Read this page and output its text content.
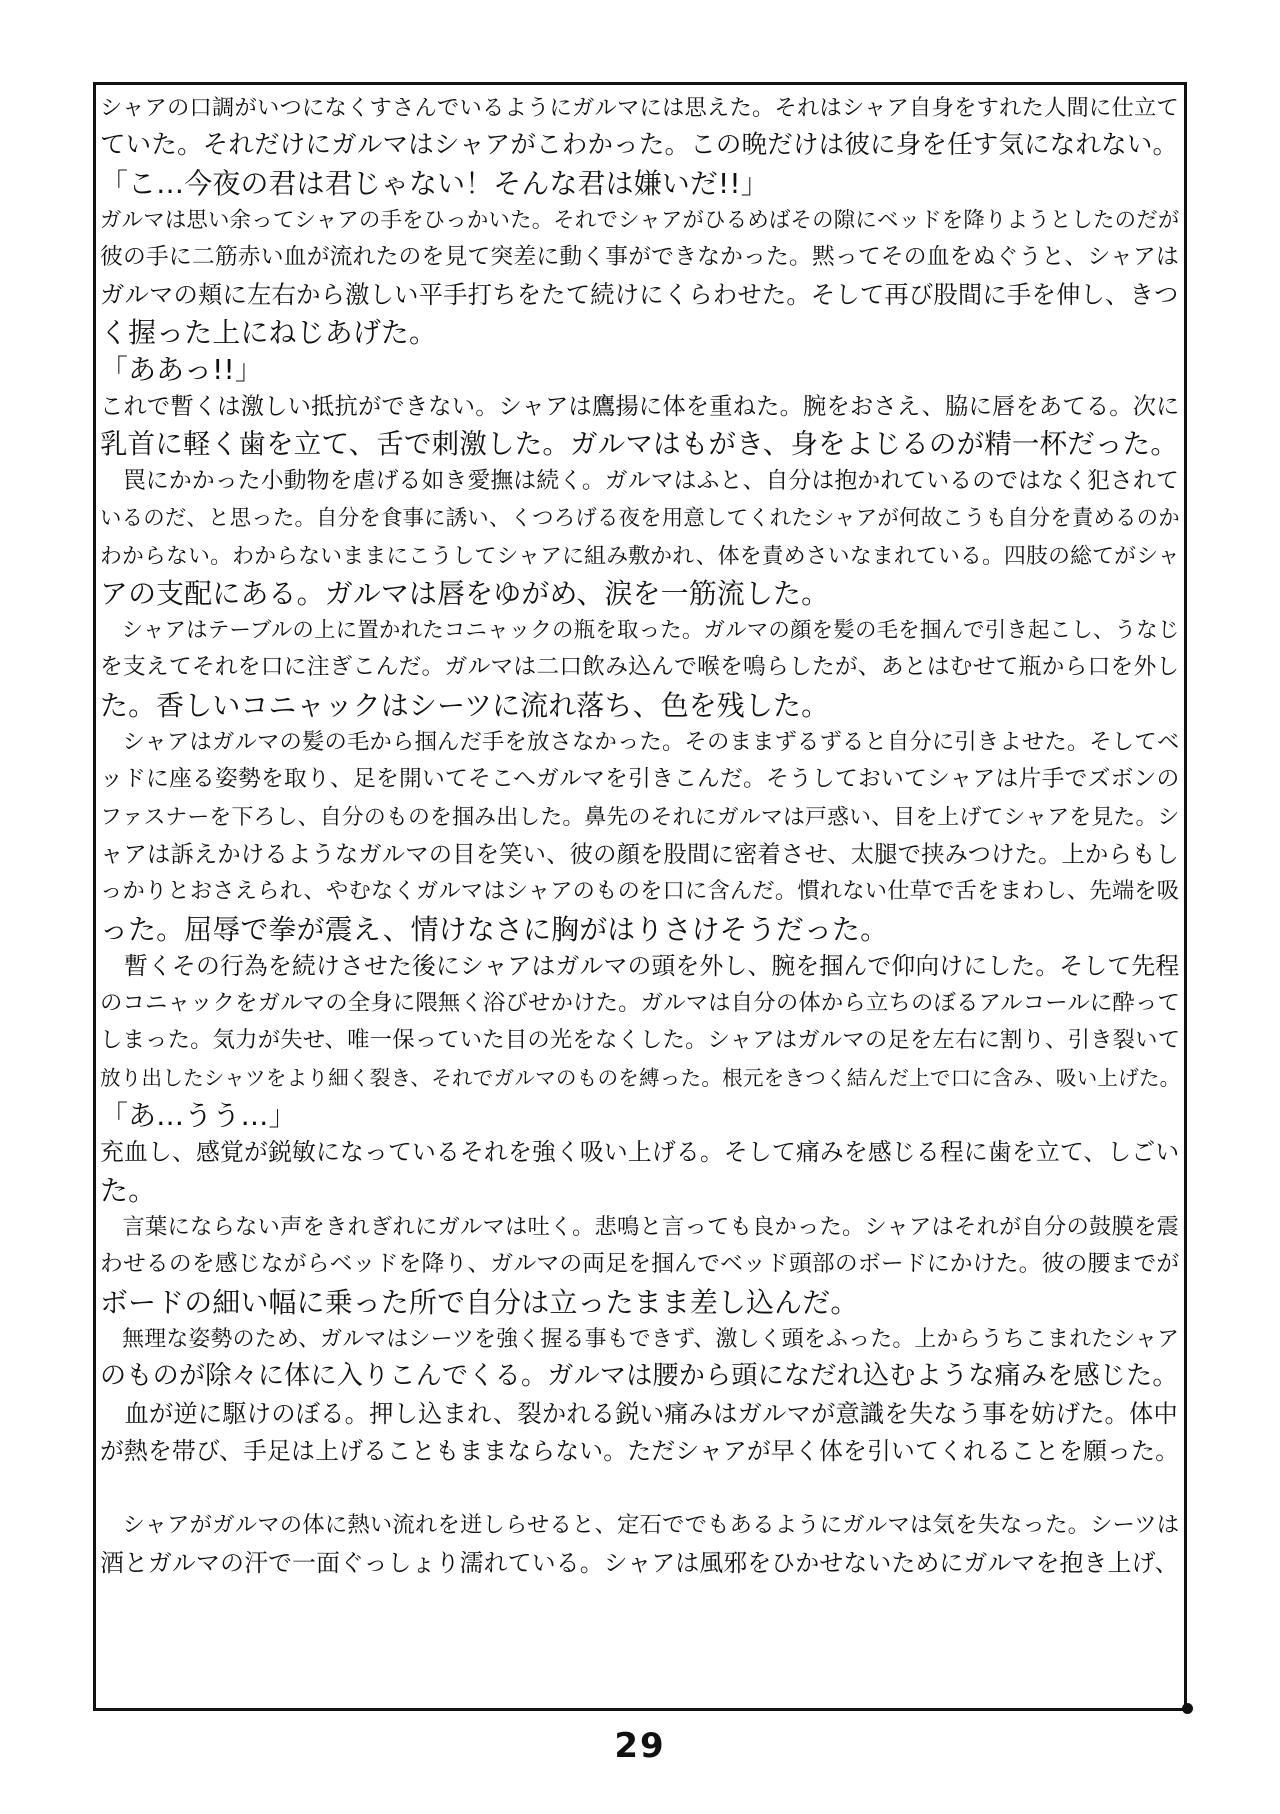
シャアの口調がいつになくすさんでいるようにガルマには思えた。それはシャア自身をすれた人間に仕立て
ていた。それだけにガルマはシャアがこわかった。この晩だけは彼に身を任す気になれない。
「こ…今夜の君は君じゃない！そんな君は嫌いだ!!」
ガルマは思い余ってシャアの手をひっかいた。それでシャアがひるめばその隙にベッドを降りようとしたのだが
彼の手に二筋赤い血が流れたのを見て突差に動く事ができなかった。黙ってその血をぬぐうと、シャアは
ガルマの頬に左右から激しい平手打ちをたて続けにくらわせた。そして再び股間に手を伸し、きつ
く握った上にねじあげた。
「ああっ!!」
これで暫くは激しい抵抗ができない。シャアは鷹揚に体を重ねた。腕をおさえ、脇に唇をあてる。次に
乳首に軽く歯を立て、舌で刺激した。ガルマはもがき、身をよじるのが精一杯だった。
　罠にかかった小動物を虐げる如き愛撫は続く。ガルマはふと、自分は抱かれているのではなく犯されて
いるのだ、と思った。自分を食事に誘い、くつろげる夜を用意してくれたシャアが何故こうも自分を責めるのか
わからない。わからないままにこうしてシャアに組み敷かれ、体を責めさいなまれている。四肢の総てがシャ
アの支配にある。ガルマは唇をゆがめ、涙を一筋流した。
　シャアはテーブルの上に置かれたコニャックの瓶を取った。ガルマの顔を髪の毛を掴んで引き起こし、うなじ
を支えてそれを口に注ぎこんだ。ガルマは二口飲み込んで喉を鳴らしたが、あとはむせて瓶から口を外し
た。香しいコニャックはシーツに流れ落ち、色を残した。
　シャアはガルマの髪の毛から掴んだ手を放さなかった。そのままずるずると自分に引きよせた。そしてベ
ッドに座る姿勢を取り、足を開いてそこへガルマを引きこんだ。そうしておいてシャアは片手でズボンの
ファスナーを下ろし、自分のものを掴み出した。鼻先のそれにガルマは戸惑い、目を上げてシャアを見た。シ
ャアは訴えかけるようなガルマの目を笑い、彼の顔を股間に密着させ、太腿で挟みつけた。上からもし
っかりとおさえられ、やむなくガルマはシャアのものを口に含んだ。慣れない仕草で舌をまわし、先端を吸
った。屈辱で拳が震え、情けなさに胸がはりさけそうだった。
　暫くその行為を続けさせた後にシャアはガルマの頭を外し、腕を掴んで仰向けにした。そして先程
のコニャックをガルマの全身に隈無く浴びせかけた。ガルマは自分の体から立ちのぼるアルコールに酔って
しまった。気力が失せ、唯一保っていた目の光をなくした。シャアはガルマの足を左右に割り、引き裂いて
放り出したシャツをより細く裂き、それでガルマのものを縛った。根元をきつく結んだ上で口に含み、吸い上げた。
「あ…うう…」
充血し、感覚が鋭敏になっているそれを強く吸い上げる。そして痛みを感じる程に歯を立て、しごい
た。
　言葉にならない声をきれぎれにガルマは吐く。悲鳴と言っても良かった。シャアはそれが自分の鼓膜を震
わせるのを感じながらベッドを降り、ガルマの両足を掴んでベッド頭部のボードにかけた。彼の腰までが
ボードの細い幅に乗った所で自分は立ったまま差し込んだ。
　無理な姿勢のため、ガルマはシーツを強く握る事もできず、激しく頭をふった。上からうちこまれたシャア
のものが除々に体に入りこんでくる。ガルマは腰から頭になだれ込むような痛みを感じた。
　血が逆に駆けのぼる。押し込まれ、裂かれる鋭い痛みはガルマが意識を失なう事を妨げた。体中
が熱を帯び、手足は上げることもままならない。ただシャアが早く体を引いてくれることを願った。
　シャアがガルマの体に熱い流れを迸しらせると、定石ででもあるようにガルマは気を失なった。シーツは
酒とガルマの汗で一面ぐっしょり濡れている。シャアは風邪をひかせないためにガルマを抱き上げ、
29
